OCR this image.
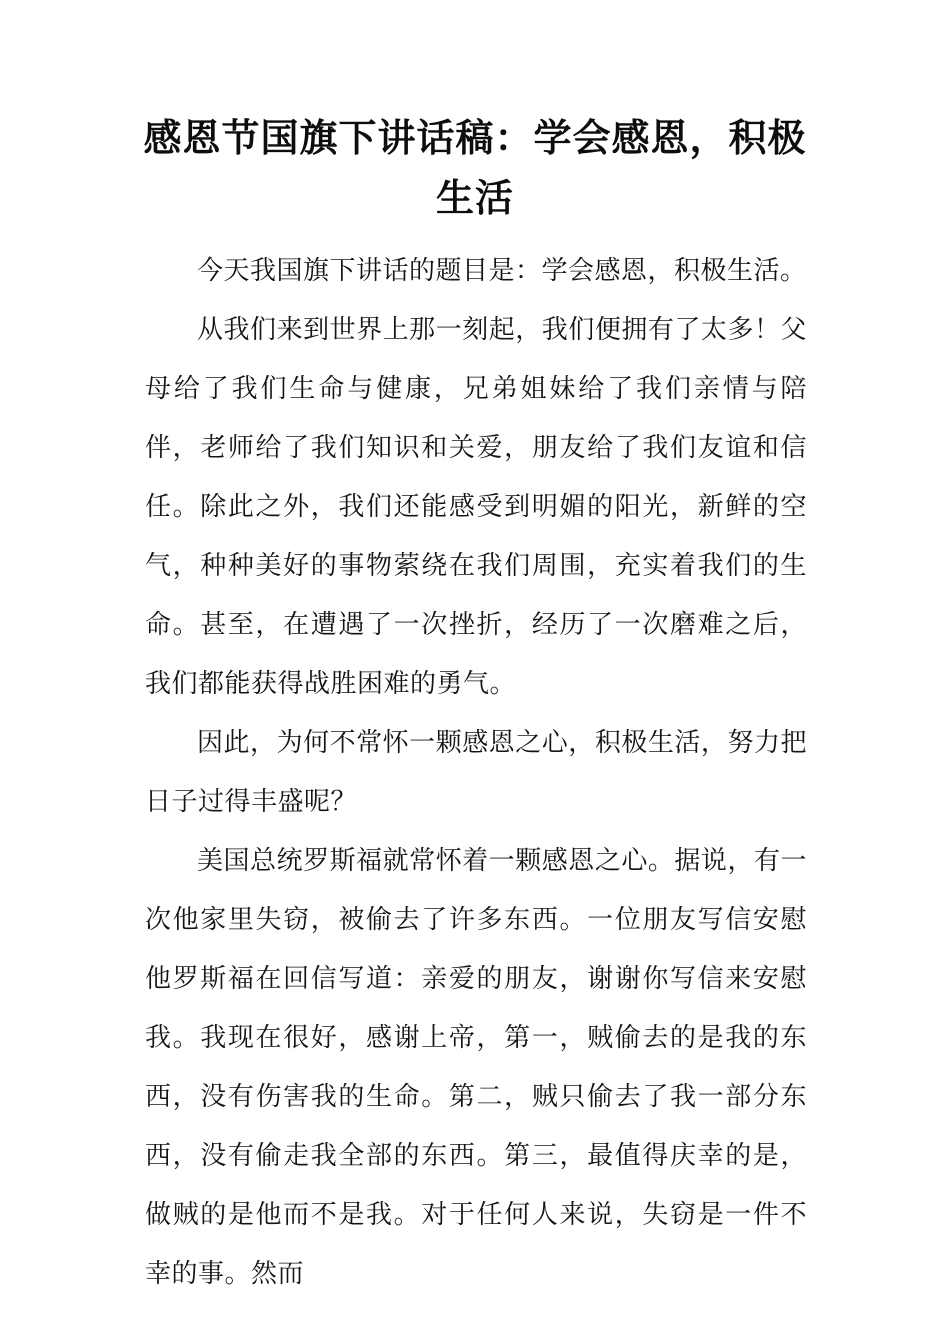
感恩节国旗下讲话稿：学会感恩，积极生活

今天我国旗下讲话的题目是：学会感恩，积极生活。

从我们来到世界上那一刻起，我们便拥有了太多！父母给了我们生命与健康，兄弟姐妹给了我们亲情与陪伴，老师给了我们知识和关爱，朋友给了我们友谊和信任。除此之外，我们还能感受到明媚的阳光，新鲜的空气，种种美好的事物萦绕在我们周围，充实着我们的生命。甚至，在遭遇了一次挫折，经历了一次磨难之后，我们都能获得战胜困难的勇气。

因此，为何不常怀一颗感恩之心，积极生活，努力把日子过得丰盛呢？

美国总统罗斯福就常怀着一颗感恩之心。据说，有一次他家里失窃，被偷去了许多东西。一位朋友写信安慰他罗斯福在回信写道：亲爱的朋友，谢谢你写信来安慰我。我现在很好，感谢上帝，第一，贼偷去的是我的东西，没有伤害我的生命。第二，贼只偷去了我一部分东西，没有偷走我全部的东西。第三，最值得庆幸的是，做贼的是他而不是我。对于任何人来说，失窃是一件不幸的事。然而
